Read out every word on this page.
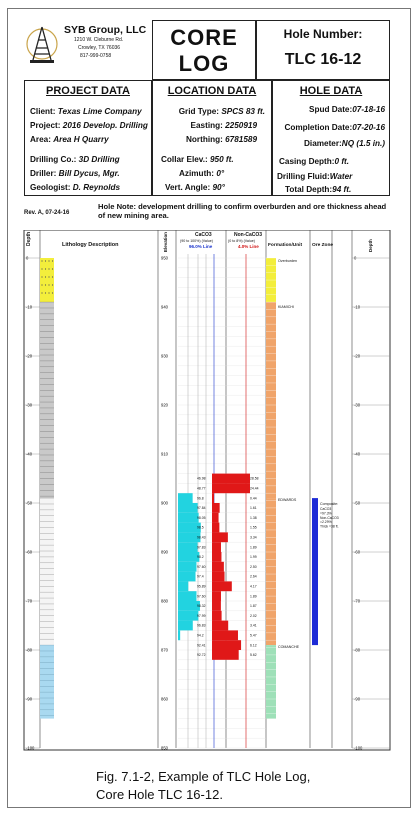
SYB Group, LLC
1210 W. Cleburne Rd.
Crowley, TX 76036
817-999-0758
CORE
LOG
Hole Number:
TLC 16-12
PROJECT DATA
Client: Texas Lime Company
Project: 2016 Develop. Drilling
Area: Area H Quarry
Drilling Co.: 3D Drilling
Driller: Bill Dycus, Mgr.
Geologist: D. Reynolds
LOCATION DATA
Grid Type: SPCS 83 ft.
Easting: 2250919
Northing: 6781589
Collar Elev.: 950 ft.
Azimuth: 0°
Vert. Angle: 90°
HOLE DATA
Spud Date:07-18-16
Completion Date:07-20-16
Diameter:NQ (1.5 in.)
Casing Depth:0 ft.
Drilling Fluid:Water
Total Depth:94 ft.
Rev. A, 07-24-16
Hole Note: development drilling to confirm overburden and ore thickness ahead of new mining area.
Depth	Lithology Description	Elevation	CaCO3
(90 to 100%) (Value)
96.0% Line
Non-CaCO3
(0 to 8%) (Value)
4.0% Line Formation/Unit Ore Zone	Depth
0	0
-10	-10
-20	-20
-30	-30
-40	-40
-50	-50
-60	-60
-70	-70
-80	-80
-90	-90
-100	-100
950
940
930
920
910
900
890
880
870
860
850
Overburden
KIAMICHI
EDWARDS
COMANCHE
Composite:
CaCO3
=97.3%
Non-CaCO3
=2.29%
Thick =38 ft.
46.98
48.77
96.8
97.84
98.05
98.5
98.43
97.83
98.2
97.60
97.4
95.89
97.60
98.32
97.99
96.83
94.2
92.41
92.72
28.58
24.44
0.44
1.61
1.38
1.55
3.34
1.89
1.99
2.50
2.64
4.17
1.89
1.87
2.02
3.41
5.47
6.12
5.62
Fig. 7.1-2, Example of TLC Hole Log,
Core Hole TLC 16-12.
